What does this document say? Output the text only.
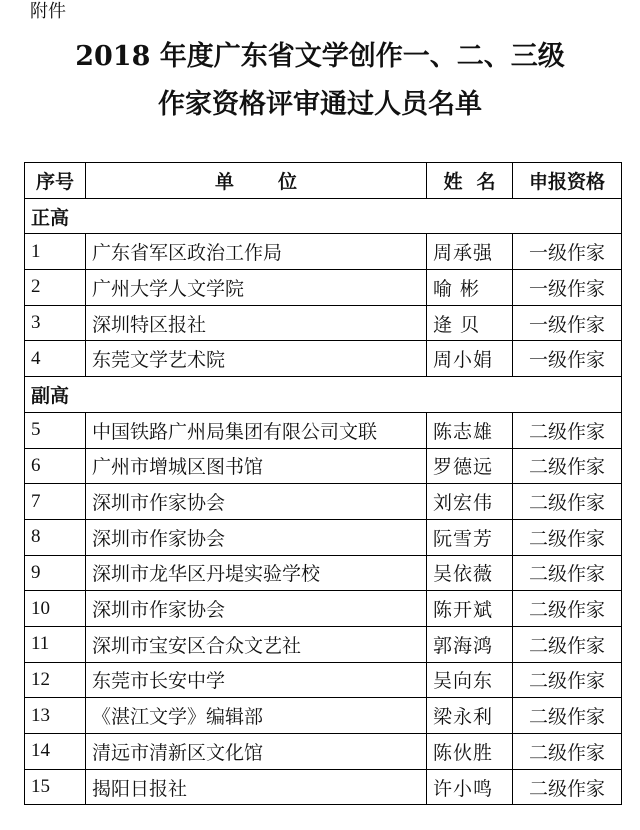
附件
2018 年度广东省文学创作一、二、三级
作家资格评审通过人员名单
序号	单位	姓名	申报资格
正高			
1	广东省军区政治工作局	周承强	一级作家
2	广州大学人文学院	喻 彬	一级作家
3	深圳特区报社	逄 贝	一级作家
4	东莞文学艺术院	周小娟	一级作家
副高			
5	中国铁路广州局集团有限公司文联	陈志雄	二级作家
6	广州市增城区图书馆	罗德远	二级作家
7	深圳市作家协会	刘宏伟	二级作家
8	深圳市作家协会	阮雪芳	二级作家
9	深圳市龙华区丹堤实验学校	吴依薇	二级作家
10	深圳市作家协会	陈开斌	二级作家
11	深圳市宝安区合众文艺社	郭海鸿	二级作家
12	东莞市长安中学	吴向东	二级作家
13	《湛江文学》编辑部	梁永利	二级作家
14	清远市清新区文化馆	陈伙胜	二级作家
15	揭阳日报社	许小鸣	二级作家
